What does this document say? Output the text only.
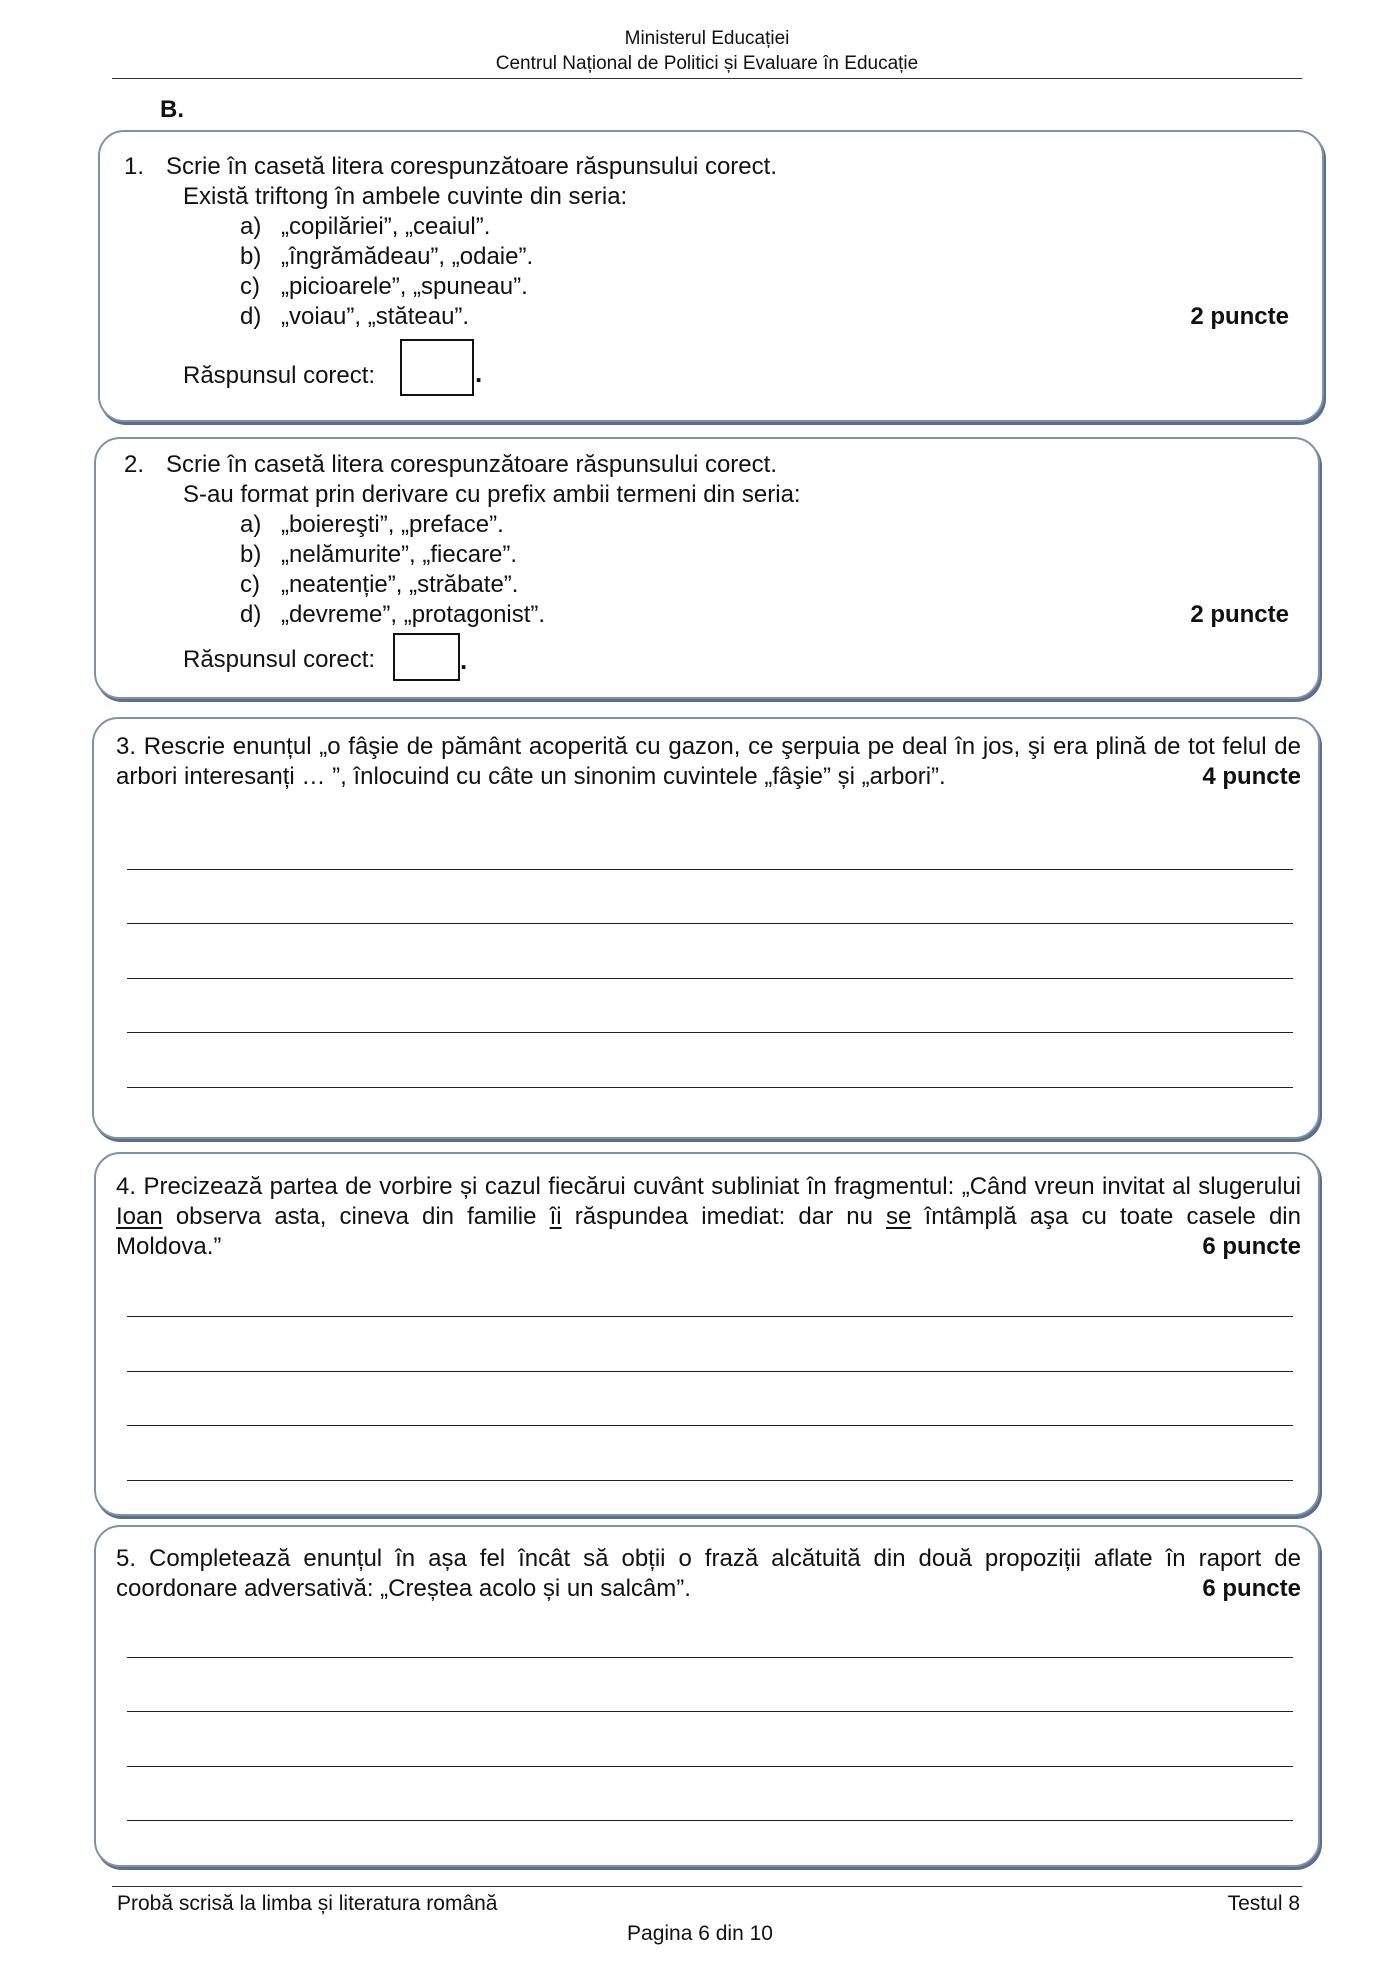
Ministerul Educației
Centrul Național de Politici și Evaluare în Educație
B.
1. Scrie în casetă litera corespunzătoare răspunsului corect.
Există triftong în ambele cuvinte din seria:
a) „copilăriei”, „ceaiul”.
b) „îngrămădeau”, „odaie”.
c) „picioarele”, „spuneau”.
d) „voiau”, „stăteau”.	2 puncte
Răspunsul corect:	.
2. Scrie în casetă litera corespunzătoare răspunsului corect.
S-au format prin derivare cu prefix ambii termeni din seria:
a) „boiereşti”, „preface”.
b) „nelămurite”, „fiecare”.
c) „neatenție”, „străbate”.
d) „devreme”, „protagonist”.	2 puncte
Răspunsul corect:	.
3. Rescrie enunțul „o fâşie de pământ acoperită cu gazon, ce şerpuia pe deal în jos, şi era plină de tot felul de arbori interesanți … ”, înlocuind cu câte un sinonim cuvintele „fâşie” și „arbori”.	4 puncte
4. Precizează partea de vorbire și cazul fiecărui cuvânt subliniat în fragmentul: „Când vreun invitat al slugerului Ioan observa asta, cineva din familie îi răspundea imediat: dar nu se întâmplă aşa cu toate casele din Moldova.”	6 puncte
5. Completează enunțul în așa fel încât să obții o frază alcătuită din două propoziții aflate în raport de coordonare adversativă: „Creștea acolo și un salcâm”.	6 puncte
Probă scrisă la limba și literatura română	Testul 8
Pagina 6 din 10
